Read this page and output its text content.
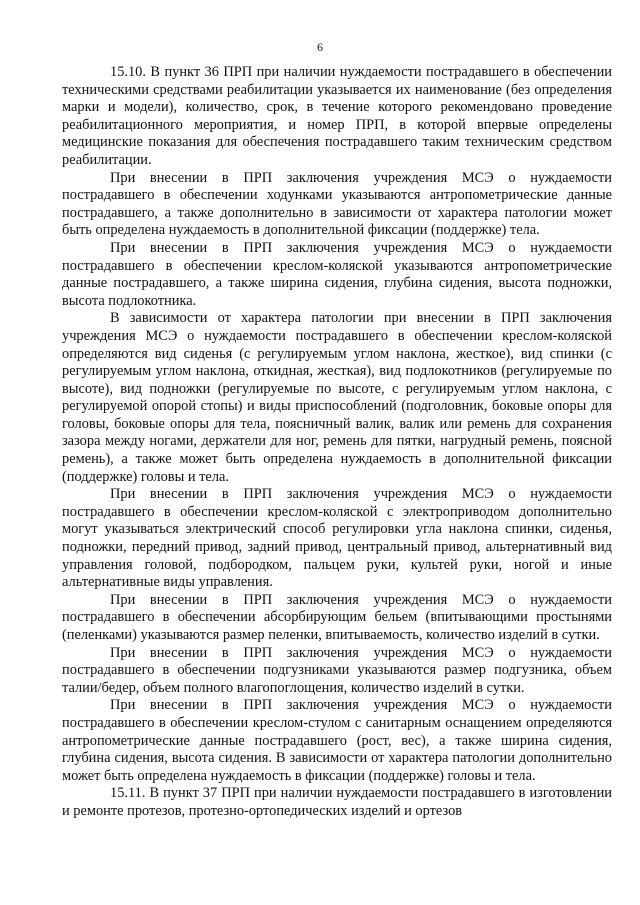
6

15.10. В пункт 36 ПРП при наличии нуждаемости пострадавшего в обеспечении техническими средствами реабилитации указывается их наименование (без определения марки и модели), количество, срок, в течение которого рекомендовано проведение реабилитационного мероприятия, и номер ПРП, в которой впервые определены медицинские показания для обеспечения пострадавшего таким техническим средством реабилитации.

При внесении в ПРП заключения учреждения МСЭ о нуждаемости пострадавшего в обеспечении ходунками указываются антропометрические данные пострадавшего, а также дополнительно в зависимости от характера патологии может быть определена нуждаемость в дополнительной фиксации (поддержке) тела.

При внесении в ПРП заключения учреждения МСЭ о нуждаемости пострадавшего в обеспечении креслом-коляской указываются антропометрические данные пострадавшего, а также ширина сидения, глубина сидения, высота подножки, высота подлокотника.

В зависимости от характера патологии при внесении в ПРП заключения учреждения МСЭ о нуждаемости пострадавшего в обеспечении креслом-коляской определяются вид сиденья (с регулируемым углом наклона, жесткое), вид спинки (с регулируемым углом наклона, откидная, жесткая), вид подлокотников (регулируемые по высоте), вид подножки (регулируемые по высоте, с регулируемым углом наклона, с регулируемой опорой стопы) и виды приспособлений (подголовник, боковые опоры для головы, боковые опоры для тела, поясничный валик, валик или ремень для сохранения зазора между ногами, держатели для ног, ремень для пятки, нагрудный ремень, поясной ремень), а также может быть определена нуждаемость в дополнительной фиксации (поддержке) головы и тела.

При внесении в ПРП заключения учреждения МСЭ о нуждаемости пострадавшего в обеспечении креслом-коляской с электроприводом дополнительно могут указываться электрический способ регулировки угла наклона спинки, сиденья, подножки, передний привод, задний привод, центральный привод, альтернативный вид управления головой, подбородком, пальцем руки, культей руки, ногой и иные альтернативные виды управления.

При внесении в ПРП заключения учреждения МСЭ о нуждаемости пострадавшего в обеспечении абсорбирующим бельем (впитывающими простынями (пеленками) указываются размер пеленки, впитываемость, количество изделий в сутки.

При внесении в ПРП заключения учреждения МСЭ о нуждаемости пострадавшего в обеспечении подгузниками указываются размер подгузника, объем талии/бедер, объем полного влагопоглощения, количество изделий в сутки.

При внесении в ПРП заключения учреждения МСЭ о нуждаемости пострадавшего в обеспечении креслом-стулом с санитарным оснащением определяются антропометрические данные пострадавшего (рост, вес), а также ширина сидения, глубина сидения, высота сидения. В зависимости от характера патологии дополнительно может быть определена нуждаемость в фиксации (поддержке) головы и тела.

15.11. В пункт 37 ПРП при наличии нуждаемости пострадавшего в изготовлении и ремонте протезов, протезно-ортопедических изделий и ортезов
